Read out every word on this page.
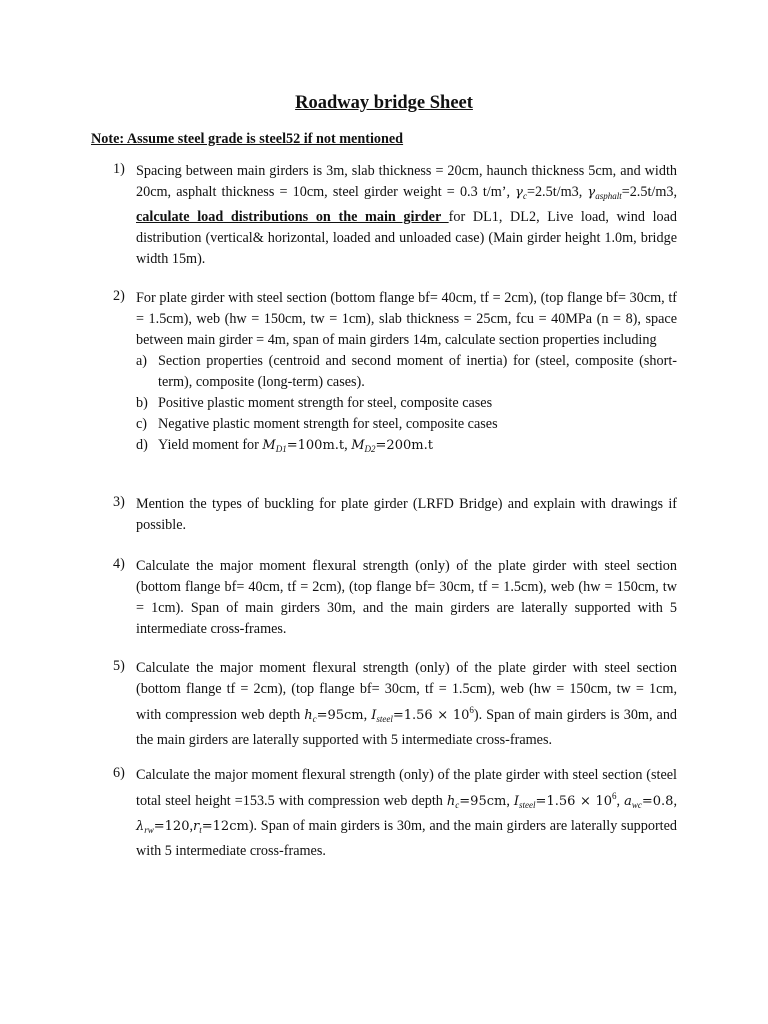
Roadway bridge Sheet
Note: Assume steel grade is steel52 if not mentioned
1) Spacing between main girders is 3m, slab thickness = 20cm, haunch thickness 5cm, and width 20cm, asphalt thickness = 10cm, steel girder weight = 0.3 t/m’, $\gamma_c=2.5t/m3$, $\gamma_{asphalt}=2.5t/m3$, calculate load distributions on the main girder for DL1, DL2, Live load, wind load distribution (vertical& horizontal, loaded and unloaded case) (Main girder height 1.0m, bridge width 15m).
2) For plate girder with steel section (bottom flange bf= 40cm, tf = 2cm), (top flange bf= 30cm, tf = 1.5cm), web (hw = 150cm, tw = 1cm), slab thickness = 25cm, fcu = 40MPa (n = 8), space between main girder = 4m, span of main girders 14m, calculate section properties including
a) Section properties (centroid and second moment of inertia) for (steel, composite (short-term), composite (long-term) cases).
b) Positive plastic moment strength for steel, composite cases
c) Negative plastic moment strength for steel, composite cases
d) Yield moment for $M_{D1}=100m.t$, $M_{D2}=200m.t$
3) Mention the types of buckling for plate girder (LRFD Bridge) and explain with drawings if possible.
4) Calculate the major moment flexural strength (only) of the plate girder with steel section (bottom flange bf= 40cm, tf = 2cm), (top flange bf= 30cm, tf = 1.5cm), web (hw = 150cm, tw = 1cm). Span of main girders 30m, and the main girders are laterally supported with 5 intermediate cross-frames.
5) Calculate the major moment flexural strength (only) of the plate girder with steel section (bottom flange tf = 2cm), (top flange bf= 30cm, tf = 1.5cm), web (hw = 150cm, tw = 1cm, with compression web depth $h_c=95cm$, $I_{steel}=1.56 \times 10^6$). Span of main girders is 30m, and the main girders are laterally supported with 5 intermediate cross-frames.
6) Calculate the major moment flexural strength (only) of the plate girder with steel section (steel total steel height =153.5 with compression web depth $h_c=95cm$, $I_{steel}=1.56 \times 10^6$, $a_{wc}=0.8$, $\lambda_{rw}=120,r_t=12cm$). Span of main girders is 30m, and the main girders are laterally supported with 5 intermediate cross-frames.
